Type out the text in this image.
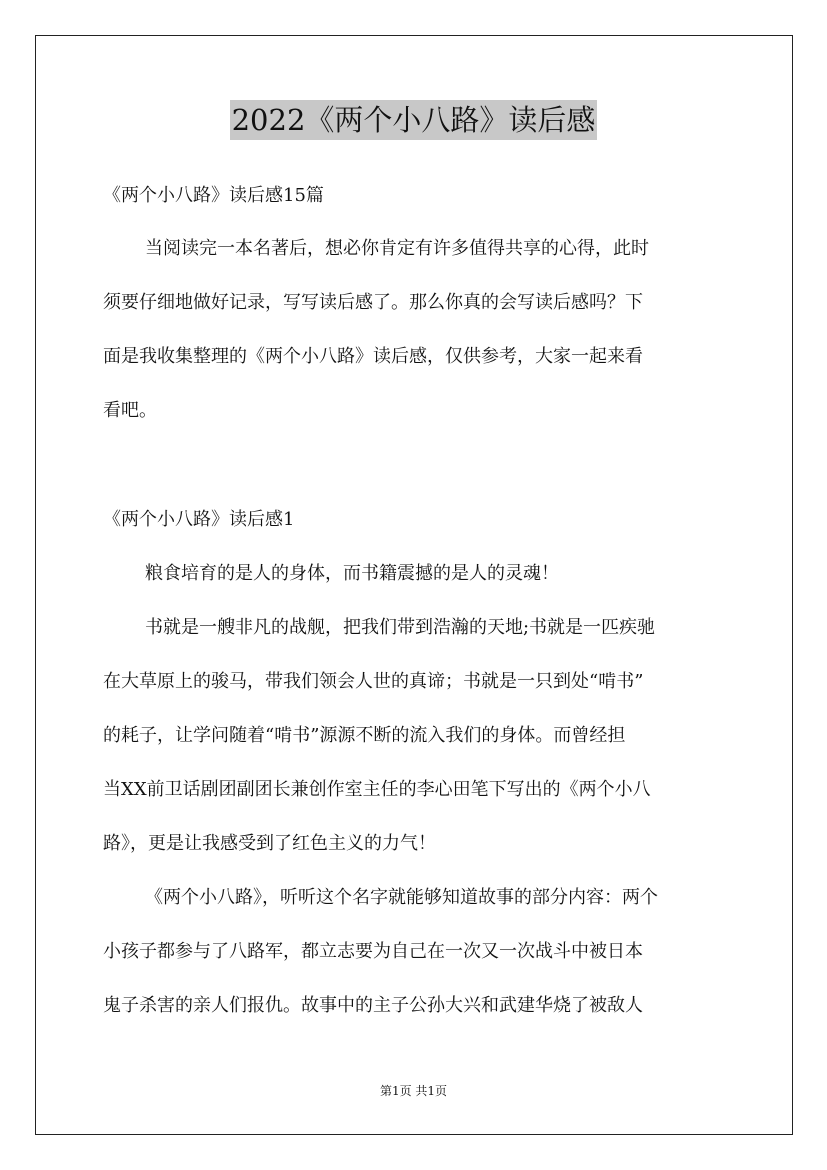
2022《两个小八路》读后感
《两个小八路》读后感15篇
当阅读完一本名著后，想必你肯定有许多值得共享的心得，此时
须要仔细地做好记录，写写读后感了。那么你真的会写读后感吗？下
面是我收集整理的《两个小八路》读后感，仅供参考，大家一起来看
看吧。
《两个小八路》读后感1
粮食培育的是人的身体，而书籍震撼的是人的灵魂！
书就是一艘非凡的战舰，把我们带到浩瀚的天地;书就是一匹疾驰
在大草原上的骏马，带我们领会人世的真谛；书就是一只到处“啃书”
的耗子，让学问随着“啃书”源源不断的流入我们的身体。而曾经担
当XX前卫话剧团副团长兼创作室主任的李心田笔下写出的《两个小八
路》，更是让我感受到了红色主义的力气！
《两个小八路》，听听这个名字就能够知道故事的部分内容：两个
小孩子都参与了八路军，都立志要为自己在一次又一次战斗中被日本
鬼子杀害的亲人们报仇。故事中的主子公孙大兴和武建华烧了被敌人
第1页 共1页
